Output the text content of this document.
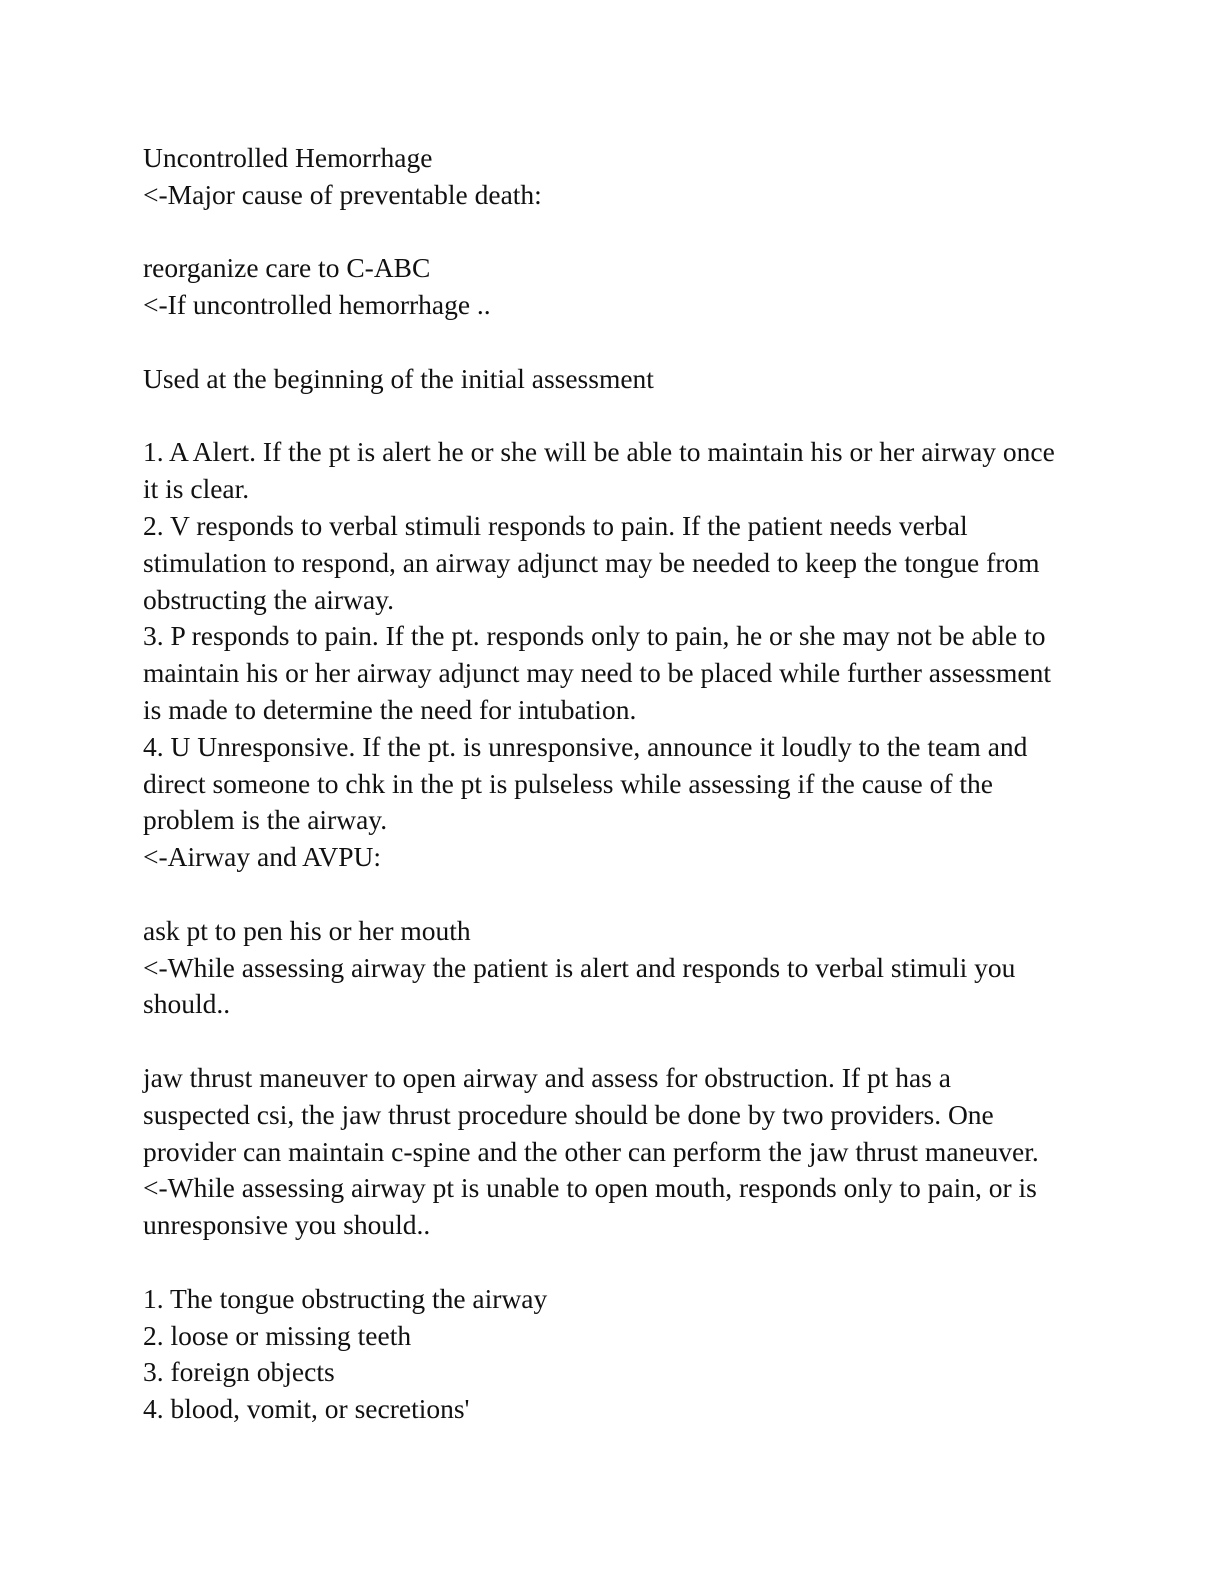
Uncontrolled Hemorrhage
<-Major cause of preventable death:
reorganize care to C-ABC
<-If uncontrolled hemorrhage ..
Used at the beginning of the initial assessment
1. A Alert. If the pt is alert he or she will be able to maintain his or her airway once
it is clear.
2. V responds to verbal stimuli responds to pain. If the patient needs verbal
stimulation to respond, an airway adjunct may be needed to keep the tongue from
obstructing the airway.
3. P responds to pain. If the pt. responds only to pain, he or she may not be able to
maintain his or her airway adjunct may need to be placed while further assessment
is made to determine the need for intubation.
4. U Unresponsive. If the pt. is unresponsive, announce it loudly to the team and
direct someone to chk in the pt is pulseless while assessing if the cause of the
problem is the airway.
<-Airway and AVPU:
ask pt to pen his or her mouth
<-While assessing airway the patient is alert and responds to verbal stimuli you
should..
jaw thrust maneuver to open airway and assess for obstruction. If pt has a
suspected csi, the jaw thrust procedure should be done by two providers. One
provider can maintain c-spine and the other can perform the jaw thrust maneuver.
<-While assessing airway pt is unable to open mouth, responds only to pain, or is
unresponsive you should..
1. The tongue obstructing the airway
2. loose or missing teeth
3. foreign objects
4. blood, vomit, or secretions'
